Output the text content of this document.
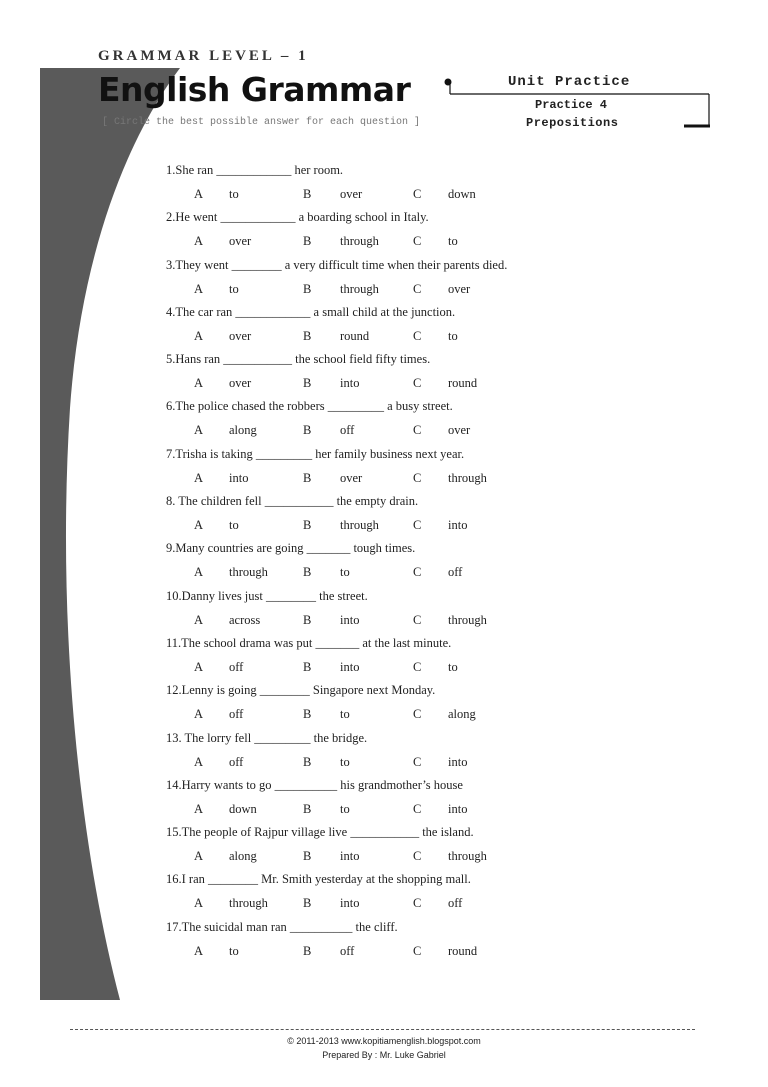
GRAMMAR LEVEL – 1
English Grammar
[ Circle the best possible answer for each question ]
Unit Practice
Practice 4
Prepositions
1.She ran ____________ her room.
A to	B over	C down
2.He went ____________ a boarding school in Italy.
A over	B through	C to
3.They went ________ a very difficult time when their parents died.
A to	B through	C over
4.The car ran ____________ a small child at the junction.
A over	B round	C to
5.Hans ran ___________ the school field fifty times.
A over	B into	C round
6.The police chased the robbers _________ a busy street.
A along	B off	C over
7.Trisha is taking _________ her family business next year.
A into	B over	C through
8. The children fell ___________ the empty drain.
A to	B through	C into
9.Many countries are going _______ tough times.
A through	B to	C off
10.Danny lives just ________ the street.
A across	B into	C through
11.The school drama was put _______ at the last minute.
A off	B into	C to
12.Lenny is going ________ Singapore next Monday.
A off	B to	C along
13. The lorry fell _________ the bridge.
A off	B to	C into
14.Harry wants to go __________ his grandmother’s house
A down	B to	C into
15.The people of Rajpur village live ___________ the island.
A along	B into	C through
16.I ran ________ Mr. Smith yesterday at the shopping mall.
A through	B into	C off
17.The suicidal man ran __________ the cliff.
A to	B off	C round
© 2011-2013 www.kopitiamenglish.blogspot.com
Prepared By : Mr. Luke Gabriel
